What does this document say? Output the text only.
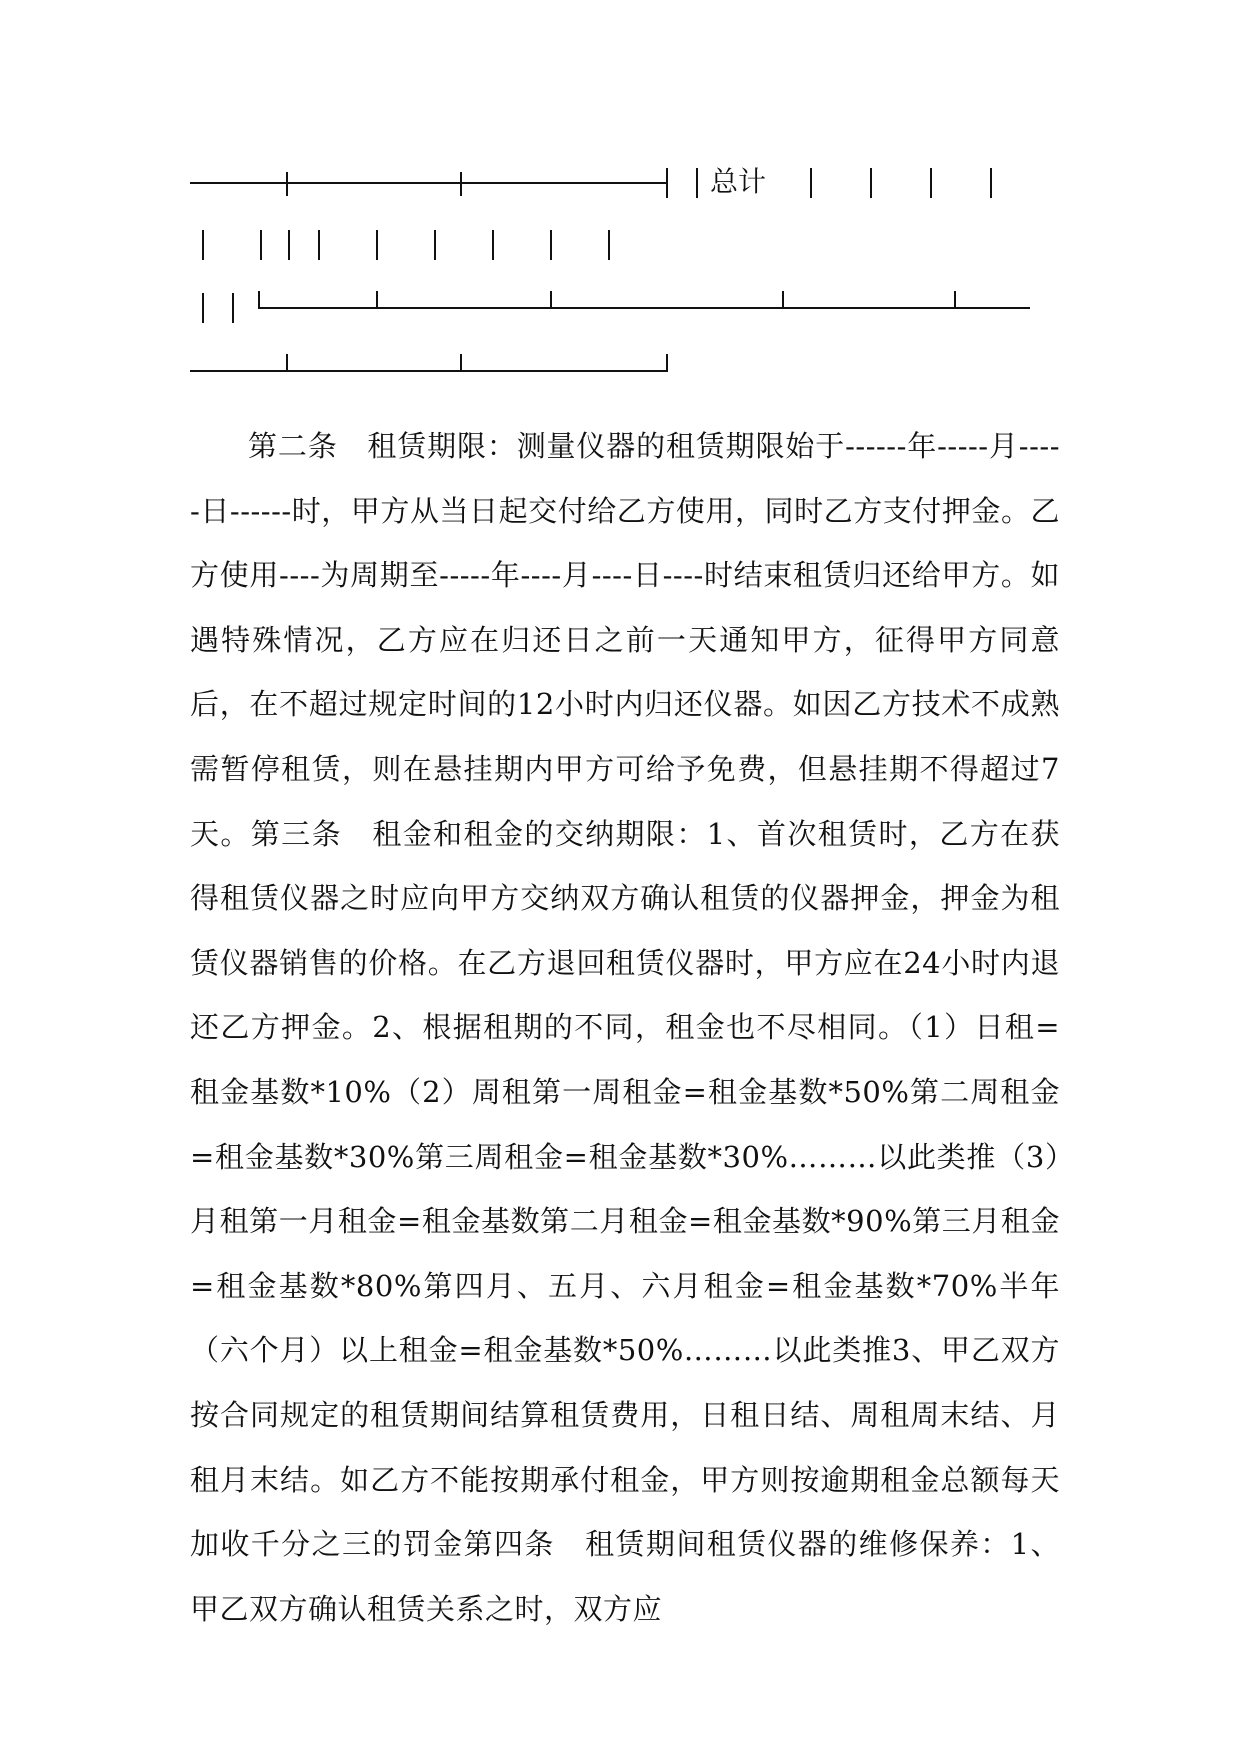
总计

第二条　租赁期限：测量仪器的租赁期限始于------年-----月-----日------时，甲方从当日起交付给乙方使用，同时乙方支付押金。乙方使用----为周期至-----年----月----日----时结束租赁归还给甲方。如遇特殊情况，乙方应在归还日之前一天通知甲方，征得甲方同意后，在不超过规定时间的12小时内归还仪器。如因乙方技术不成熟需暂停租赁，则在悬挂期内甲方可给予免费，但悬挂期不得超过7天。第三条　租金和租金的交纳期限：1、首次租赁时，乙方在获得租赁仪器之时应向甲方交纳双方确认租赁的仪器押金，押金为租赁仪器销售的价格。在乙方退回租赁仪器时，甲方应在24小时内退还乙方押金。2、根据租期的不同，租金也不尽相同。（1）日租=租金基数*10%（2）周租第一周租金=租金基数*50%第二周租金=租金基数*30%第三周租金=租金基数*30%………以此类推（3）月租第一月租金=租金基数第二月租金=租金基数*90%第三月租金=租金基数*80%第四月、五月、六月租金=租金基数*70%半年（六个月）以上租金=租金基数*50%………以此类推3、甲乙双方按合同规定的租赁期间结算租赁费用，日租日结、周租周末结、月租月末结。如乙方不能按期承付租金，甲方则按逾期租金总额每天加收千分之三的罚金第四条　租赁期间租赁仪器的维修保养：1、甲乙双方确认租赁关系之时，双方应
